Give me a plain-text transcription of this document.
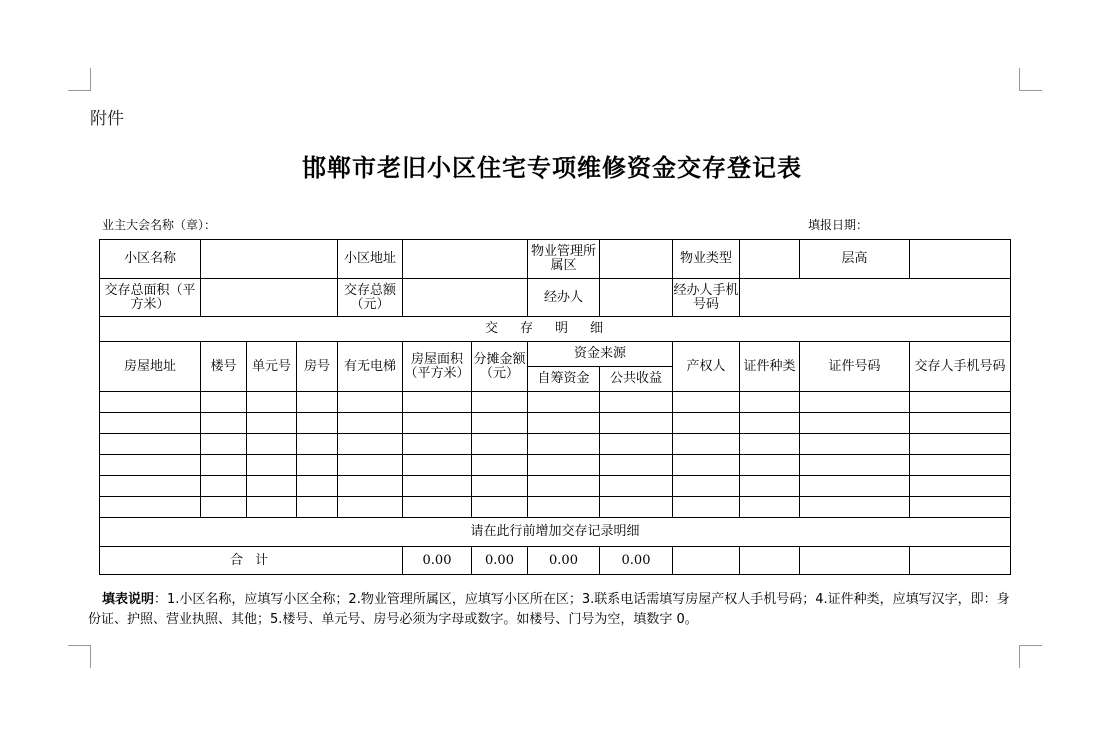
附件
邯郸市老旧小区住宅专项维修资金交存登记表
业主大会名称（章）：	填报日期：
小区名称				小区地址			物业管理所属区		物业类型		层高	
交存总面积（平方米）				交存总额（元）			经办人		经办人手机号码			
交存明细												
房屋地址	楼号	单元号	房号	有无电梯	房屋面积（平方米）	分摊金额（元）	资金来源		产权人	证件种类	证件号码	交存人手机号码
							自筹资金	公共收益				

请在此行前增加交存记录明细												
合 计					0.00	0.00	0.00	0.00				
填表说明：1.小区名称，应填写小区全称；2.物业管理所属区，应填写小区所在区；3.联系电话需填写房屋产权人手机号码；4.证件种类，应填写汉字，即：身份证、护照、营业执照、其他；5.楼号、单元号、房号必须为字母或数字。如楼号、门号为空，填数字 0。
